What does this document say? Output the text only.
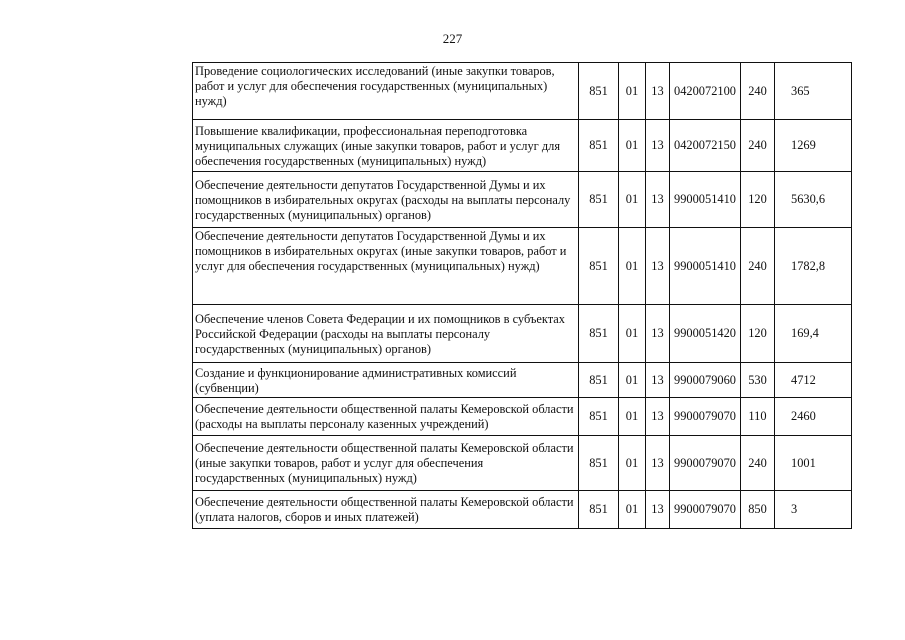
227
Проведение социологических исследований (иные закупки товаров, работ и услуг для обеспечения государственных (муниципальных) нужд)	851	01	13	0420072100	240	365
Повышение квалификации, профессиональная переподготовка муниципальных служащих (иные закупки товаров, работ и услуг для обеспечения государственных (муниципальных) нужд)	851	01	13	0420072150	240	1269
Обеспечение деятельности депутатов Государственной Думы и их помощников в избирательных округах (расходы на выплаты персоналу государственных (муниципальных) органов)	851	01	13	9900051410	120	5630,6
Обеспечение деятельности депутатов Государственной Думы и их помощников в избирательных округах (иные закупки товаров, работ и услуг для обеспечения государственных (муниципальных) нужд)	851	01	13	9900051410	240	1782,8
Обеспечение членов Совета Федерации и их помощников в субъектах Российской Федерации (расходы на выплаты персоналу государственных (муниципальных) органов)	851	01	13	9900051420	120	169,4
Создание и функционирование административных комиссий (субвенции)	851	01	13	9900079060	530	4712
Обеспечение деятельности общественной палаты Кемеровской области (расходы на выплаты персоналу казенных учреждений)	851	01	13	9900079070	110	2460
Обеспечение деятельности общественной палаты Кемеровской области (иные закупки товаров, работ и услуг для обеспечения государственных (муниципальных) нужд)	851	01	13	9900079070	240	1001
Обеспечение деятельности общественной палаты Кемеровской области (уплата налогов, сборов и иных платежей)	851	01	13	9900079070	850	3
